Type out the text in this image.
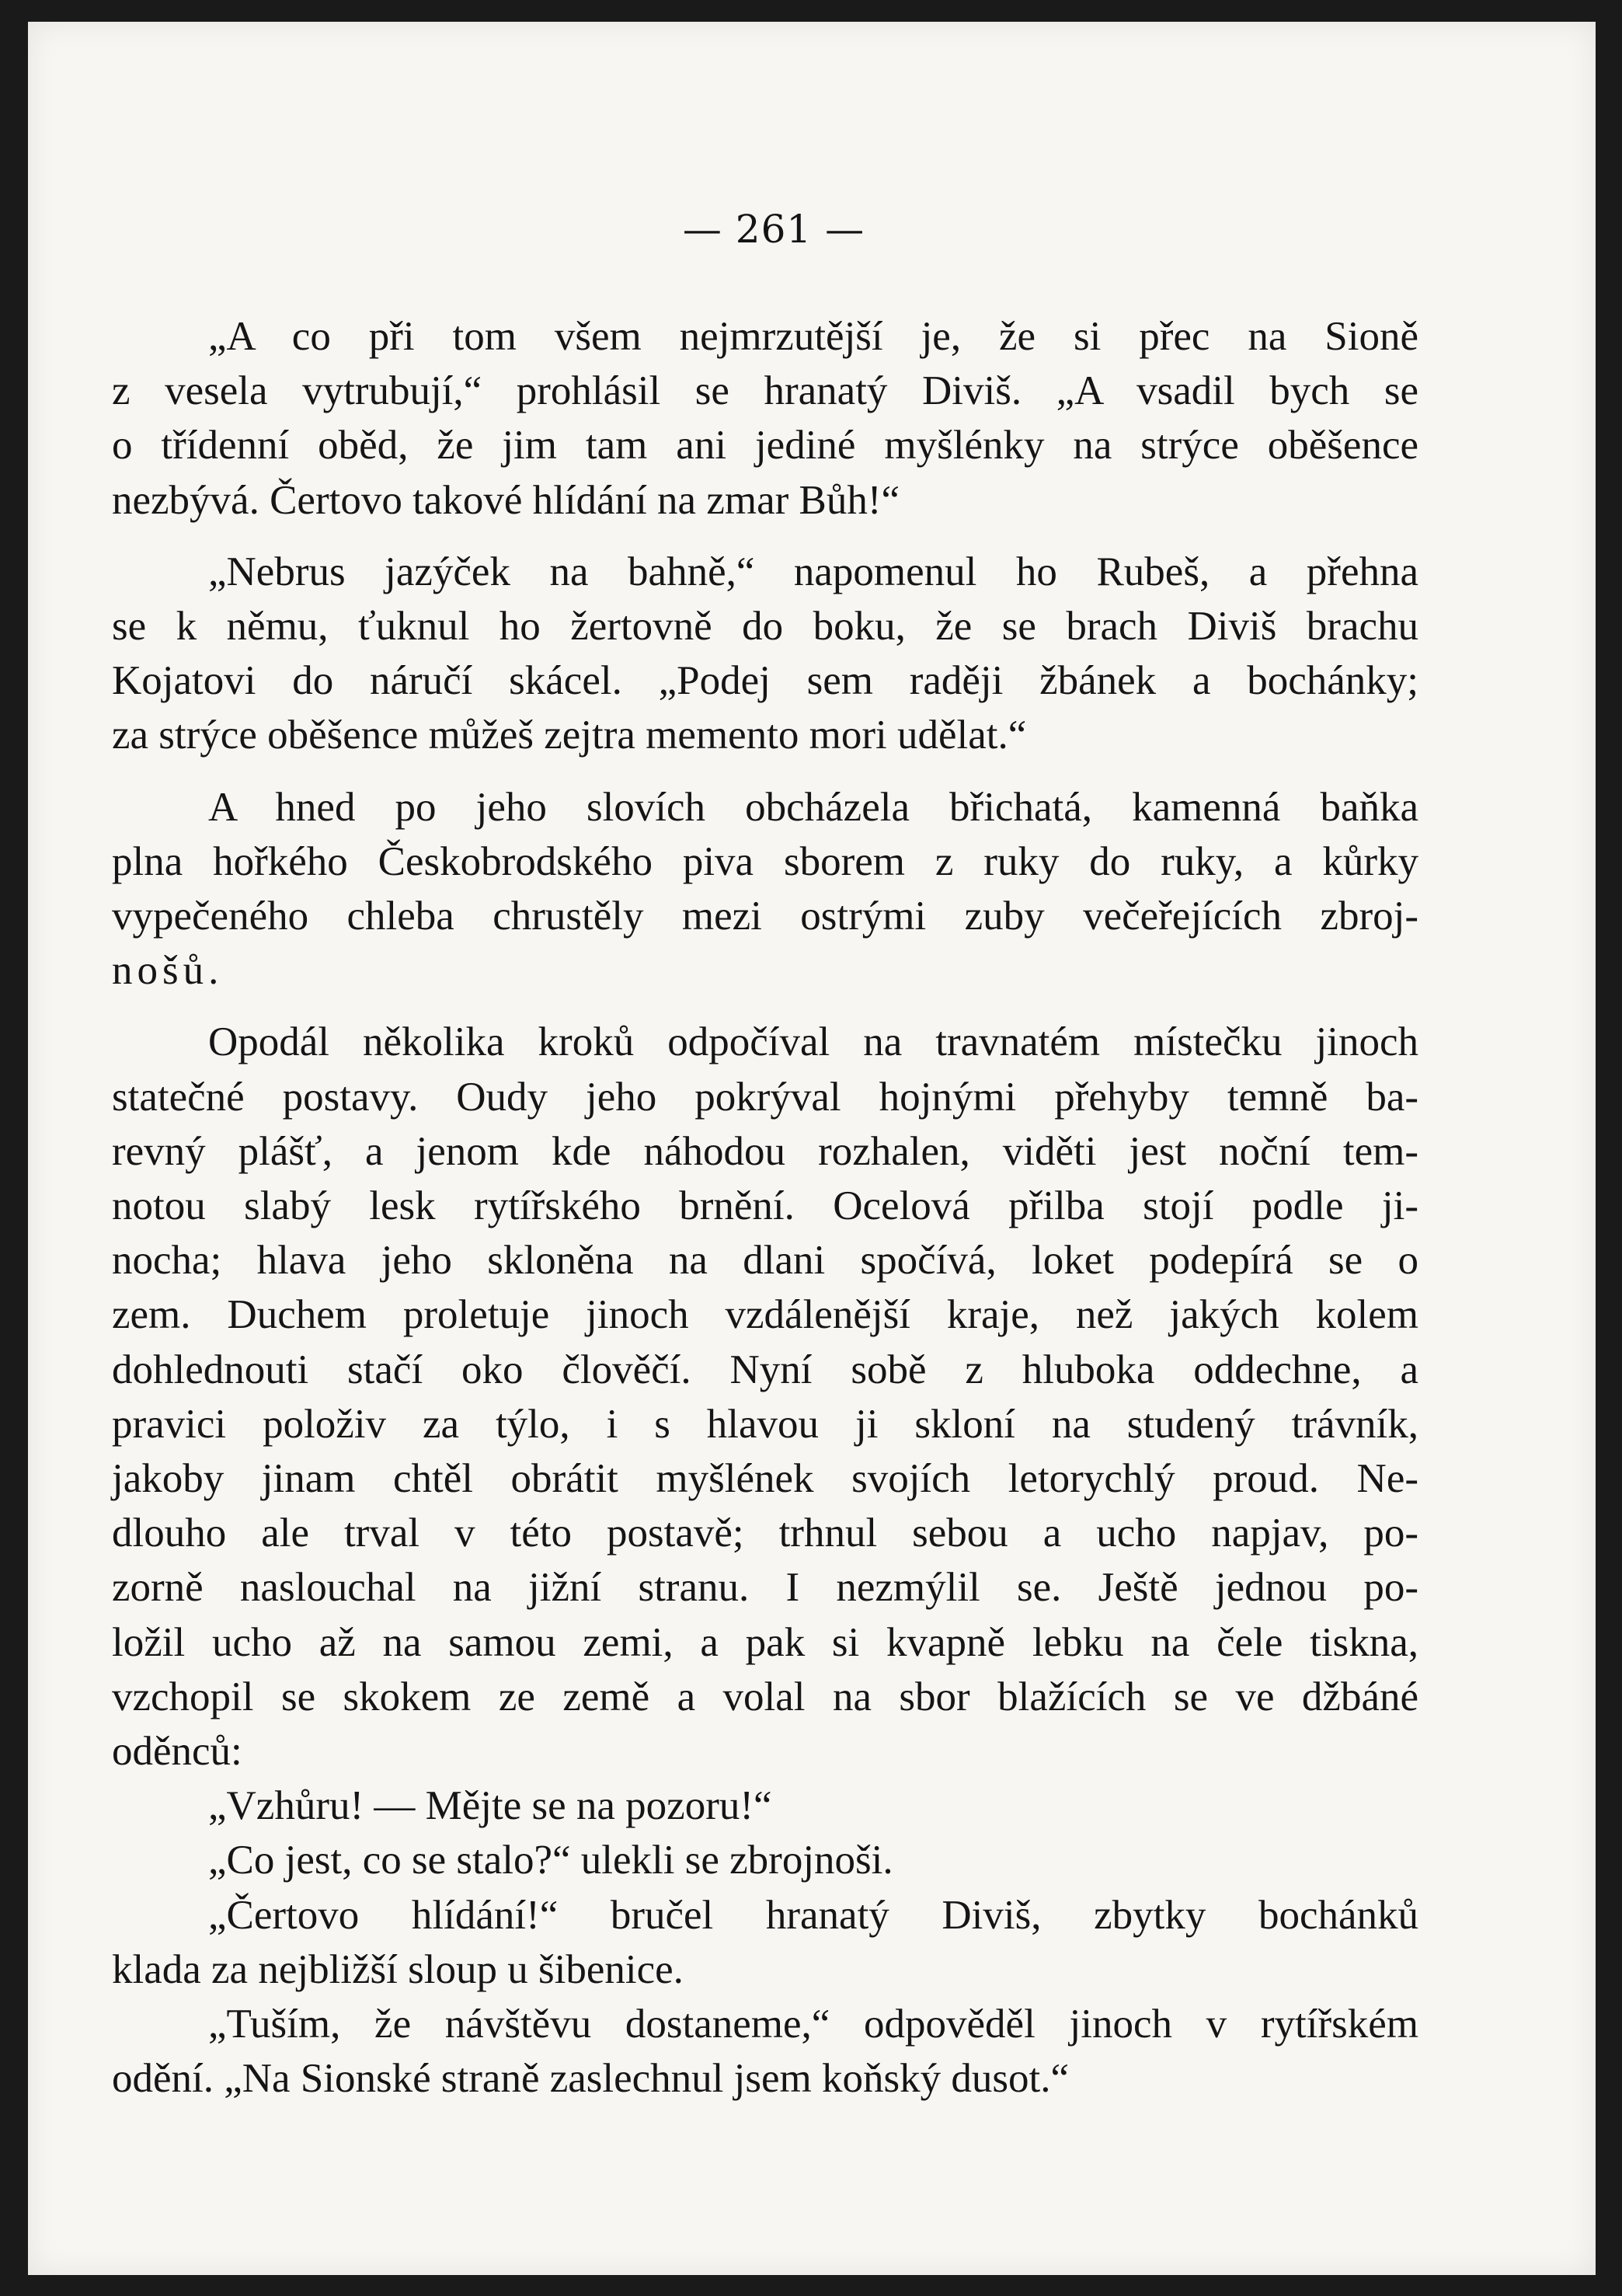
— 261 —
„A co při tom všem nejmrzutější je, že si přec na Sioně
z vesela vytrubují,“ prohlásil se hranatý Diviš. „A vsadil bych se
o třídenní oběd, že jim tam ani jediné myšlénky na strýce oběšence
nezbývá. Čertovo takové hlídání na zmar Bůh!“
„Nebrus jazýček na bahně,“ napomenul ho Rubeš, a přehna
se k němu, ťuknul ho žertovně do boku, že se brach Diviš brachu
Kojatovi do náručí skácel. „Podej sem raději žbánek a bochánky;
za strýce oběšence můžeš zejtra memento mori udělat.“
A hned po jeho slovích obcházela břichatá, kamenná baňka
plna hořkého Českobrodského piva sborem z ruky do ruky, a kůrky
vypečeného chleba chrustěly mezi ostrými zuby večeřejících zbroj-
nošů.
Opodál několika kroků odpočíval na travnatém místečku jinoch
statečné postavy. Oudy jeho pokrýval hojnými přehyby temně ba-
revný plášť, a jenom kde náhodou rozhalen, viděti jest noční tem-
notou slabý lesk rytířského brnění. Ocelová přilba stojí podle ji-
nocha; hlava jeho skloněna na dlani spočívá, loket podepírá se o
zem. Duchem proletuje jinoch vzdálenější kraje, než jakých kolem
dohlednouti stačí oko člověčí. Nyní sobě z hluboka oddechne, a
pravici položiv za týlo, i s hlavou ji skloní na studený trávník,
jakoby jinam chtěl obrátit myšlének svojích letorychlý proud. Ne-
dlouho ale trval v této postavě; trhnul sebou a ucho napjav, po-
zorně naslouchal na jižní stranu. I nezmýlil se. Ještě jednou po-
ložil ucho až na samou zemi, a pak si kvapně lebku na čele tiskna,
vzchopil se skokem ze země a volal na sbor blažících se ve džbáné
oděnců:
„Vzhůru! — Mějte se na pozoru!“
„Co jest, co se stalo?“ ulekli se zbrojnoši.
„Čertovo hlídání!“ bručel hranatý Diviš, zbytky bochánků
klada za nejbližší sloup u šibenice.
„Tuším, že návštěvu dostaneme,“ odpověděl jinoch v rytířském
odění. „Na Sionské straně zaslechnul jsem koňský dusot.“
